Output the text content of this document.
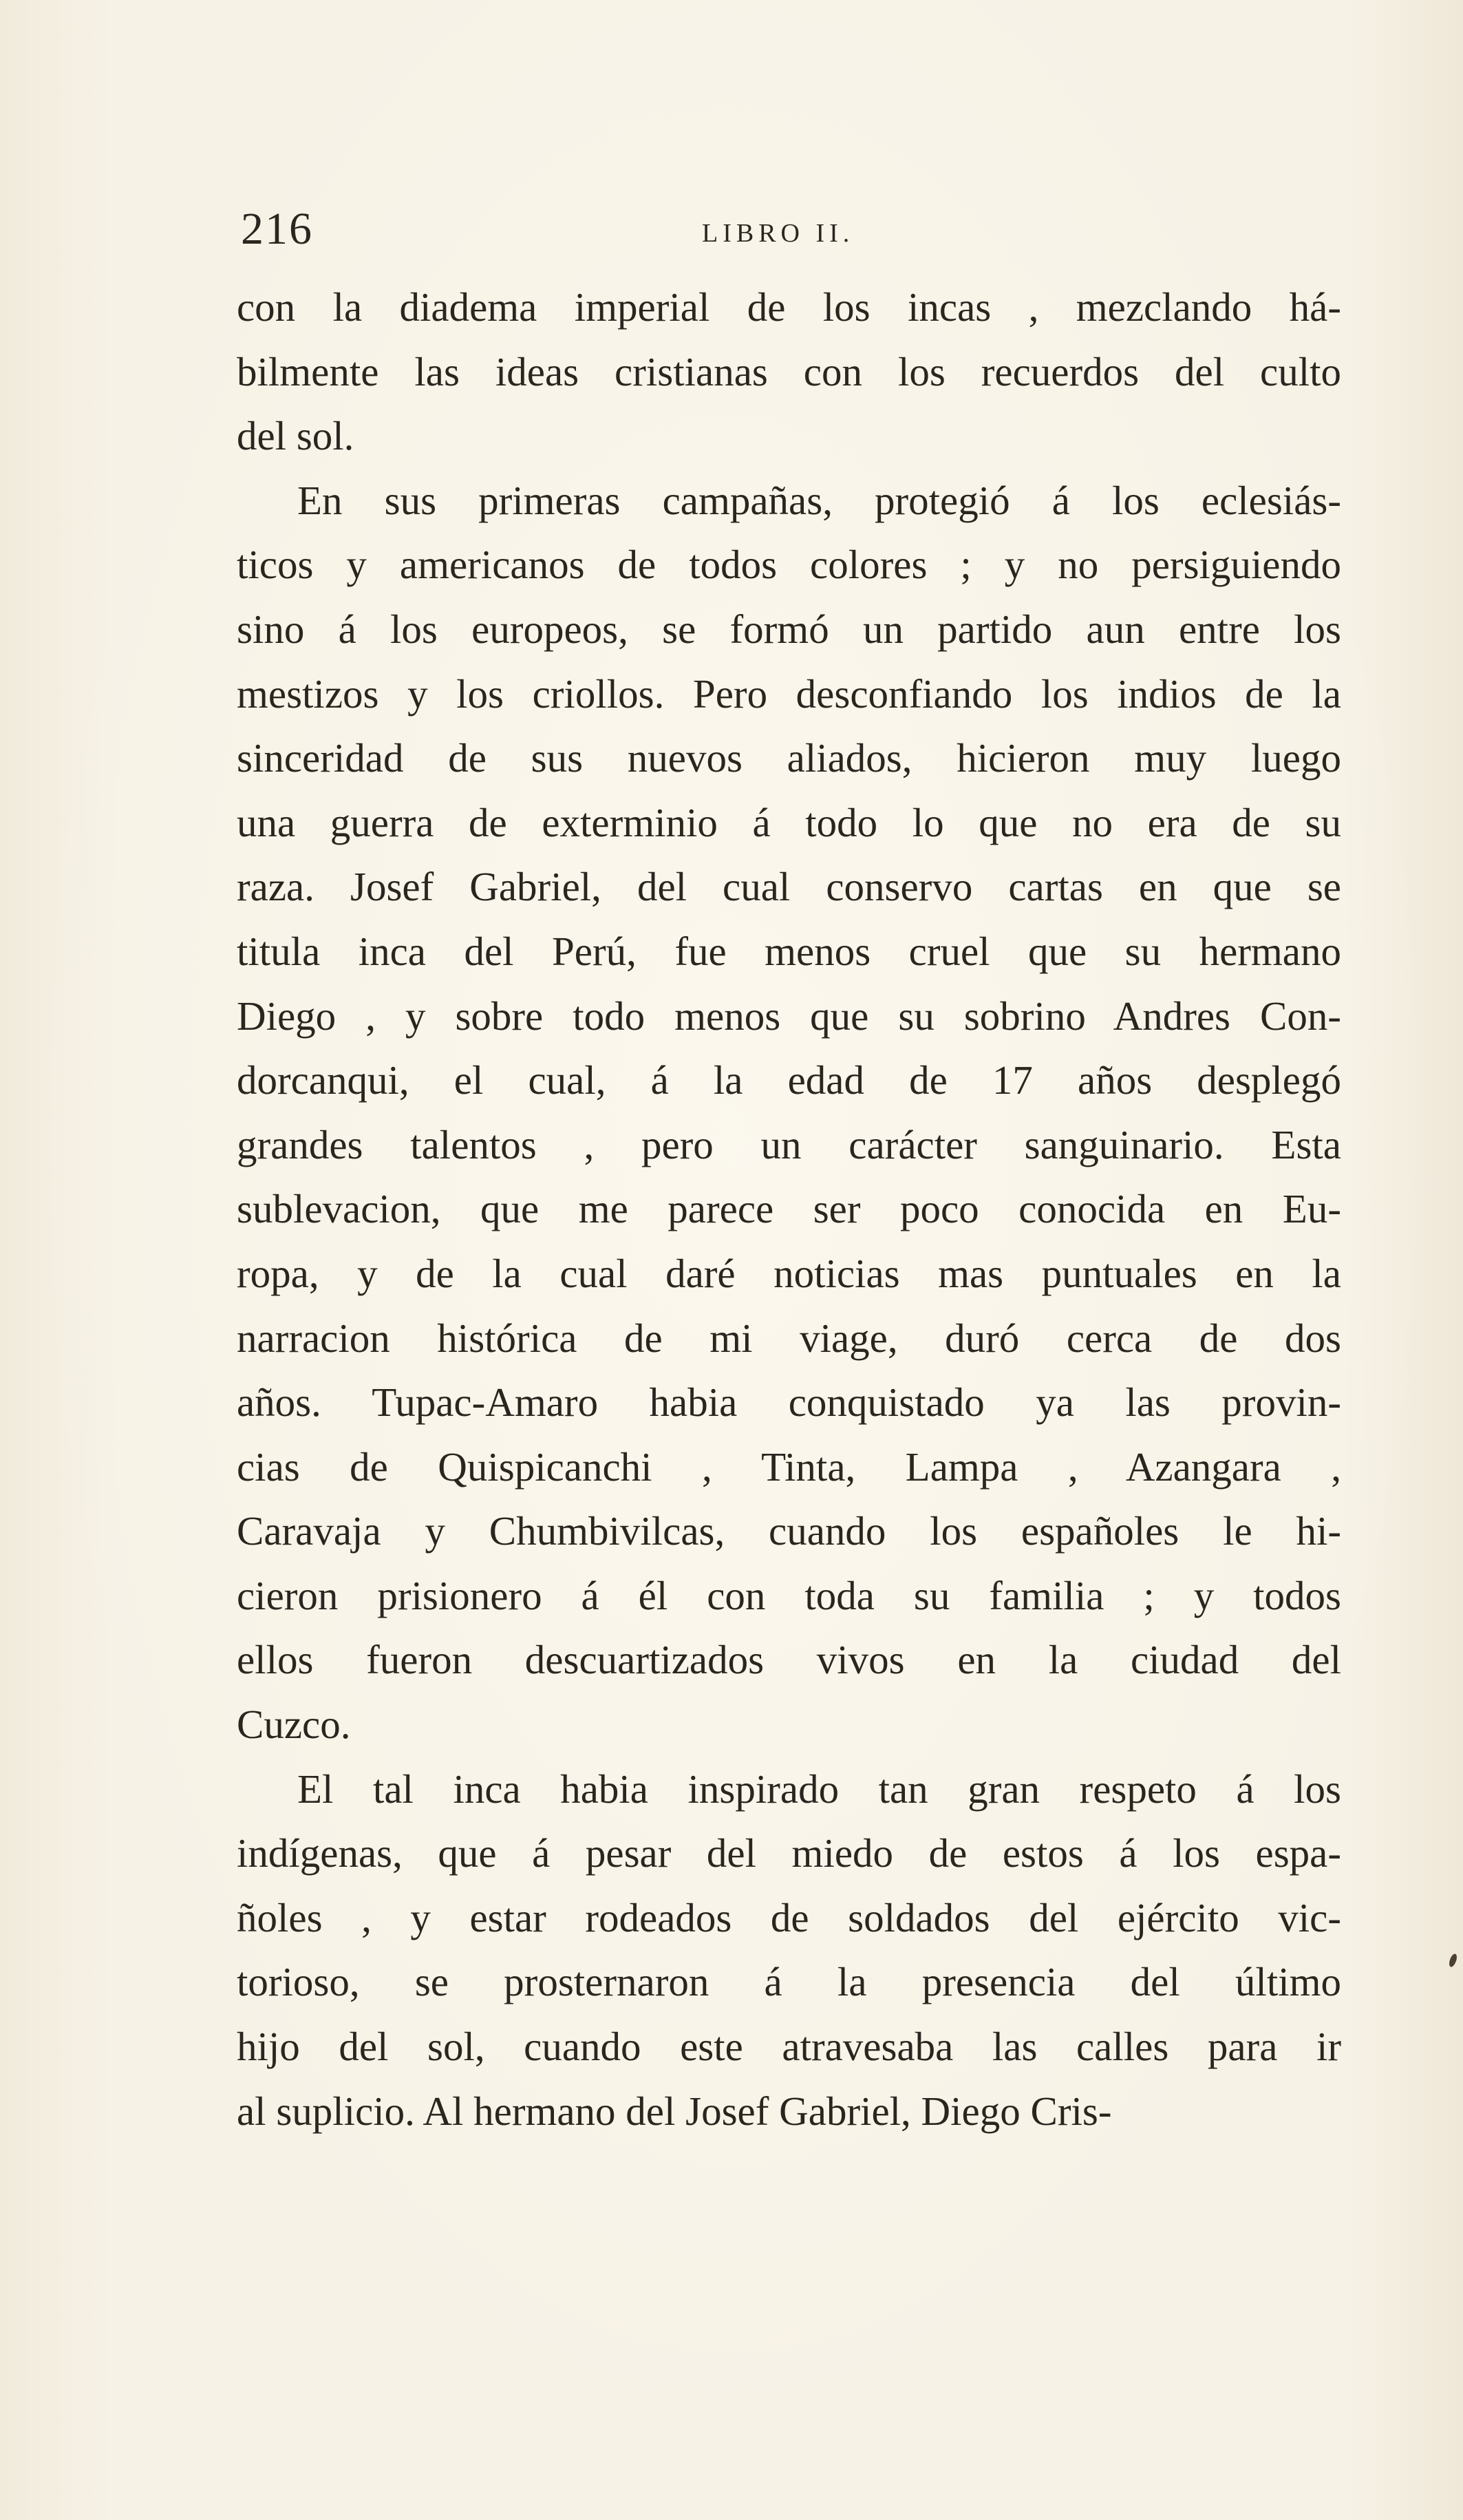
216	LIBRO II.
con la diadema imperial de los incas , mezclando há-
bilmente las ideas cristianas con los recuerdos del culto
del sol.
En sus primeras campañas, protegió á los eclesiás-
ticos y americanos de todos colores ; y no persiguiendo
sino á los europeos, se formó un partido aun entre los
mestizos y los criollos. Pero desconfiando los indios de la
sinceridad de sus nuevos aliados, hicieron muy luego
una guerra de exterminio á todo lo que no era de su
raza. Josef Gabriel, del cual conservo cartas en que se
titula inca del Perú, fue menos cruel que su hermano
Diego , y sobre todo menos que su sobrino Andres Con-
dorcanqui, el cual, á la edad de 17 años desplegó
grandes talentos , pero un carácter sanguinario. Esta
sublevacion, que me parece ser poco conocida en Eu-
ropa, y de la cual daré noticias mas puntuales en la
narracion histórica de mi viage, duró cerca de dos
años. Tupac-Amaro habia conquistado ya las provin-
cias de Quispicanchi , Tinta, Lampa , Azangara ,
Caravaja y Chumbivilcas, cuando los españoles le hi-
cieron prisionero á él con toda su familia ; y todos
ellos fueron descuartizados vivos en la ciudad del
Cuzco.
El tal inca habia inspirado tan gran respeto á los
indígenas, que á pesar del miedo de estos á los espa-
ñoles , y estar rodeados de soldados del ejército vic-
torioso, se prosternaron á la presencia del último
hijo del sol, cuando este atravesaba las calles para ir
al suplicio. Al hermano del Josef Gabriel, Diego Cris-
